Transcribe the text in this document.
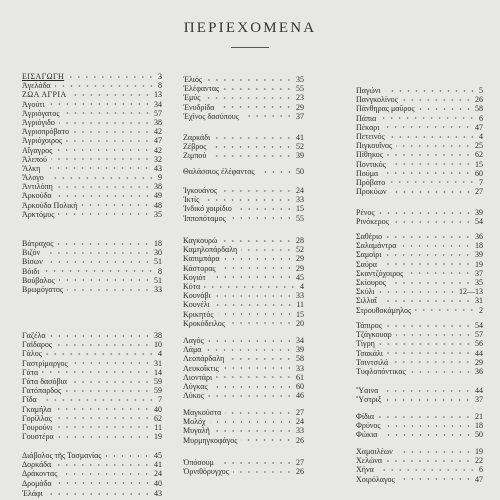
ΠΕΡΙΕΧΟΜΕΝΑ
ΕΙΣΑΓΩΓΗ	3
Ἀγελάδα	8
ΖΩΑ ΑΓΡΙΑ	13
Ἀγούτι	34
Ἀγριόγατος	57
Ἀγριόγιδο	38
Ἀγριοπρόβατο	42
Ἀγριόχοιρος	47
Αἴγαγρος	42
Ἀλεπού	32
Ἄλκη	43
Ἄλογο	9
Ἀντιλόπη	38
Ἀρκούδα	49
Ἀρκούδα Πολική	48
Ἀρκτόμυς	35
Βάτραχος	18
Βιζόν	30
Βίσων	51
Βόιδι	8
Βούβαλος	51
Βρωμόγατος	33
Γαζέλα	38
Γαϊδαρος	10
Γάλος	4
Γαστρίμαργος	31
Γάτα	14
Γάτα δασόβια	59
Γατόπαρδος	59
Γίδα	7
Γκαμήλα	40
Γορίλλας	62
Γουρούνι	11
Γουστέρα	19
Διάβολος τῆς Τασμανίας	45
Δορκάδα	41
Δράκοντας	24
Δρομάδα	40
Ἐλάφι	43
Ἐλιός	35
Ἐλέφαντας	55
Ἐμύς	23
Ἐνυδρίδα	29
Ἐχῖνος δασύπους	37
Ζαρκάδι	41
Ζέβρος	52
Ζιμπού	39
Θαλάσσιος ἐλέφαντας	50
Ἰγκουάνος	24
Ἰκτίς	33
Ἰνδικό χοιρίδιο	15
Ἱπποπόταμος	55
Καγκουρώ	28
Καμηλοπάρδαλη	52
Καπιμπάρα	29
Κάστορας	29
Κογιότ	45
Κότα	4
Κουνάβι	33
Κουνέλι	11
Κρικητός	15
Κροκόδειλος	20
Λαγός	34
Λάμα	39
Λεοπάρδαλη	58
Λευκοΐκτις	33
Λιοντάρι	61
Λύγκας	60
Λύκος	46
Μαγκούστα	27
Μολόχ	24
Μυγαλῆ	33
Μυρμηγκοφάγος	26
Ὀπόσουμ	27
Ὀρνιθόρυγχος	26
Παγώνι	5
Πανγκολίνος	26
Πάνθηρας μαῦρος	58
Πάπια	6
Πέκαρι	47
Πετεινός	4
Πιγκουΐνος	25
Πίθηκος	62
Ποντικός	15
Πούμα	60
Πρόβατο	7
Προκύων	27
Ρένος	39
Ρινόκερος	54
Σαθέριο	36
Σαλαμάντρα	18
Σαμοϊρι	39
Σαύρα	19
Σκαντζόχοιρος	37
Σκίουρος	35
Σκύλι	12—13
Σιλλαΐ	31
Στρουθοκάμηλος	2
Τάπιρος	54
Τζάγκουαρ	57
Τίγρη	56
Τσακάλι	44
Τσιντσιλά	29
Τυφλοπόντικας	36
Ὕαινα	44
Ὕστριξ	37
Φίδια	21
Φρύνος	18
Φώκια	50
Χαμαιλέων	19
Χελώνα	22
Χήνα	6
Χοιρόλαγος	47
